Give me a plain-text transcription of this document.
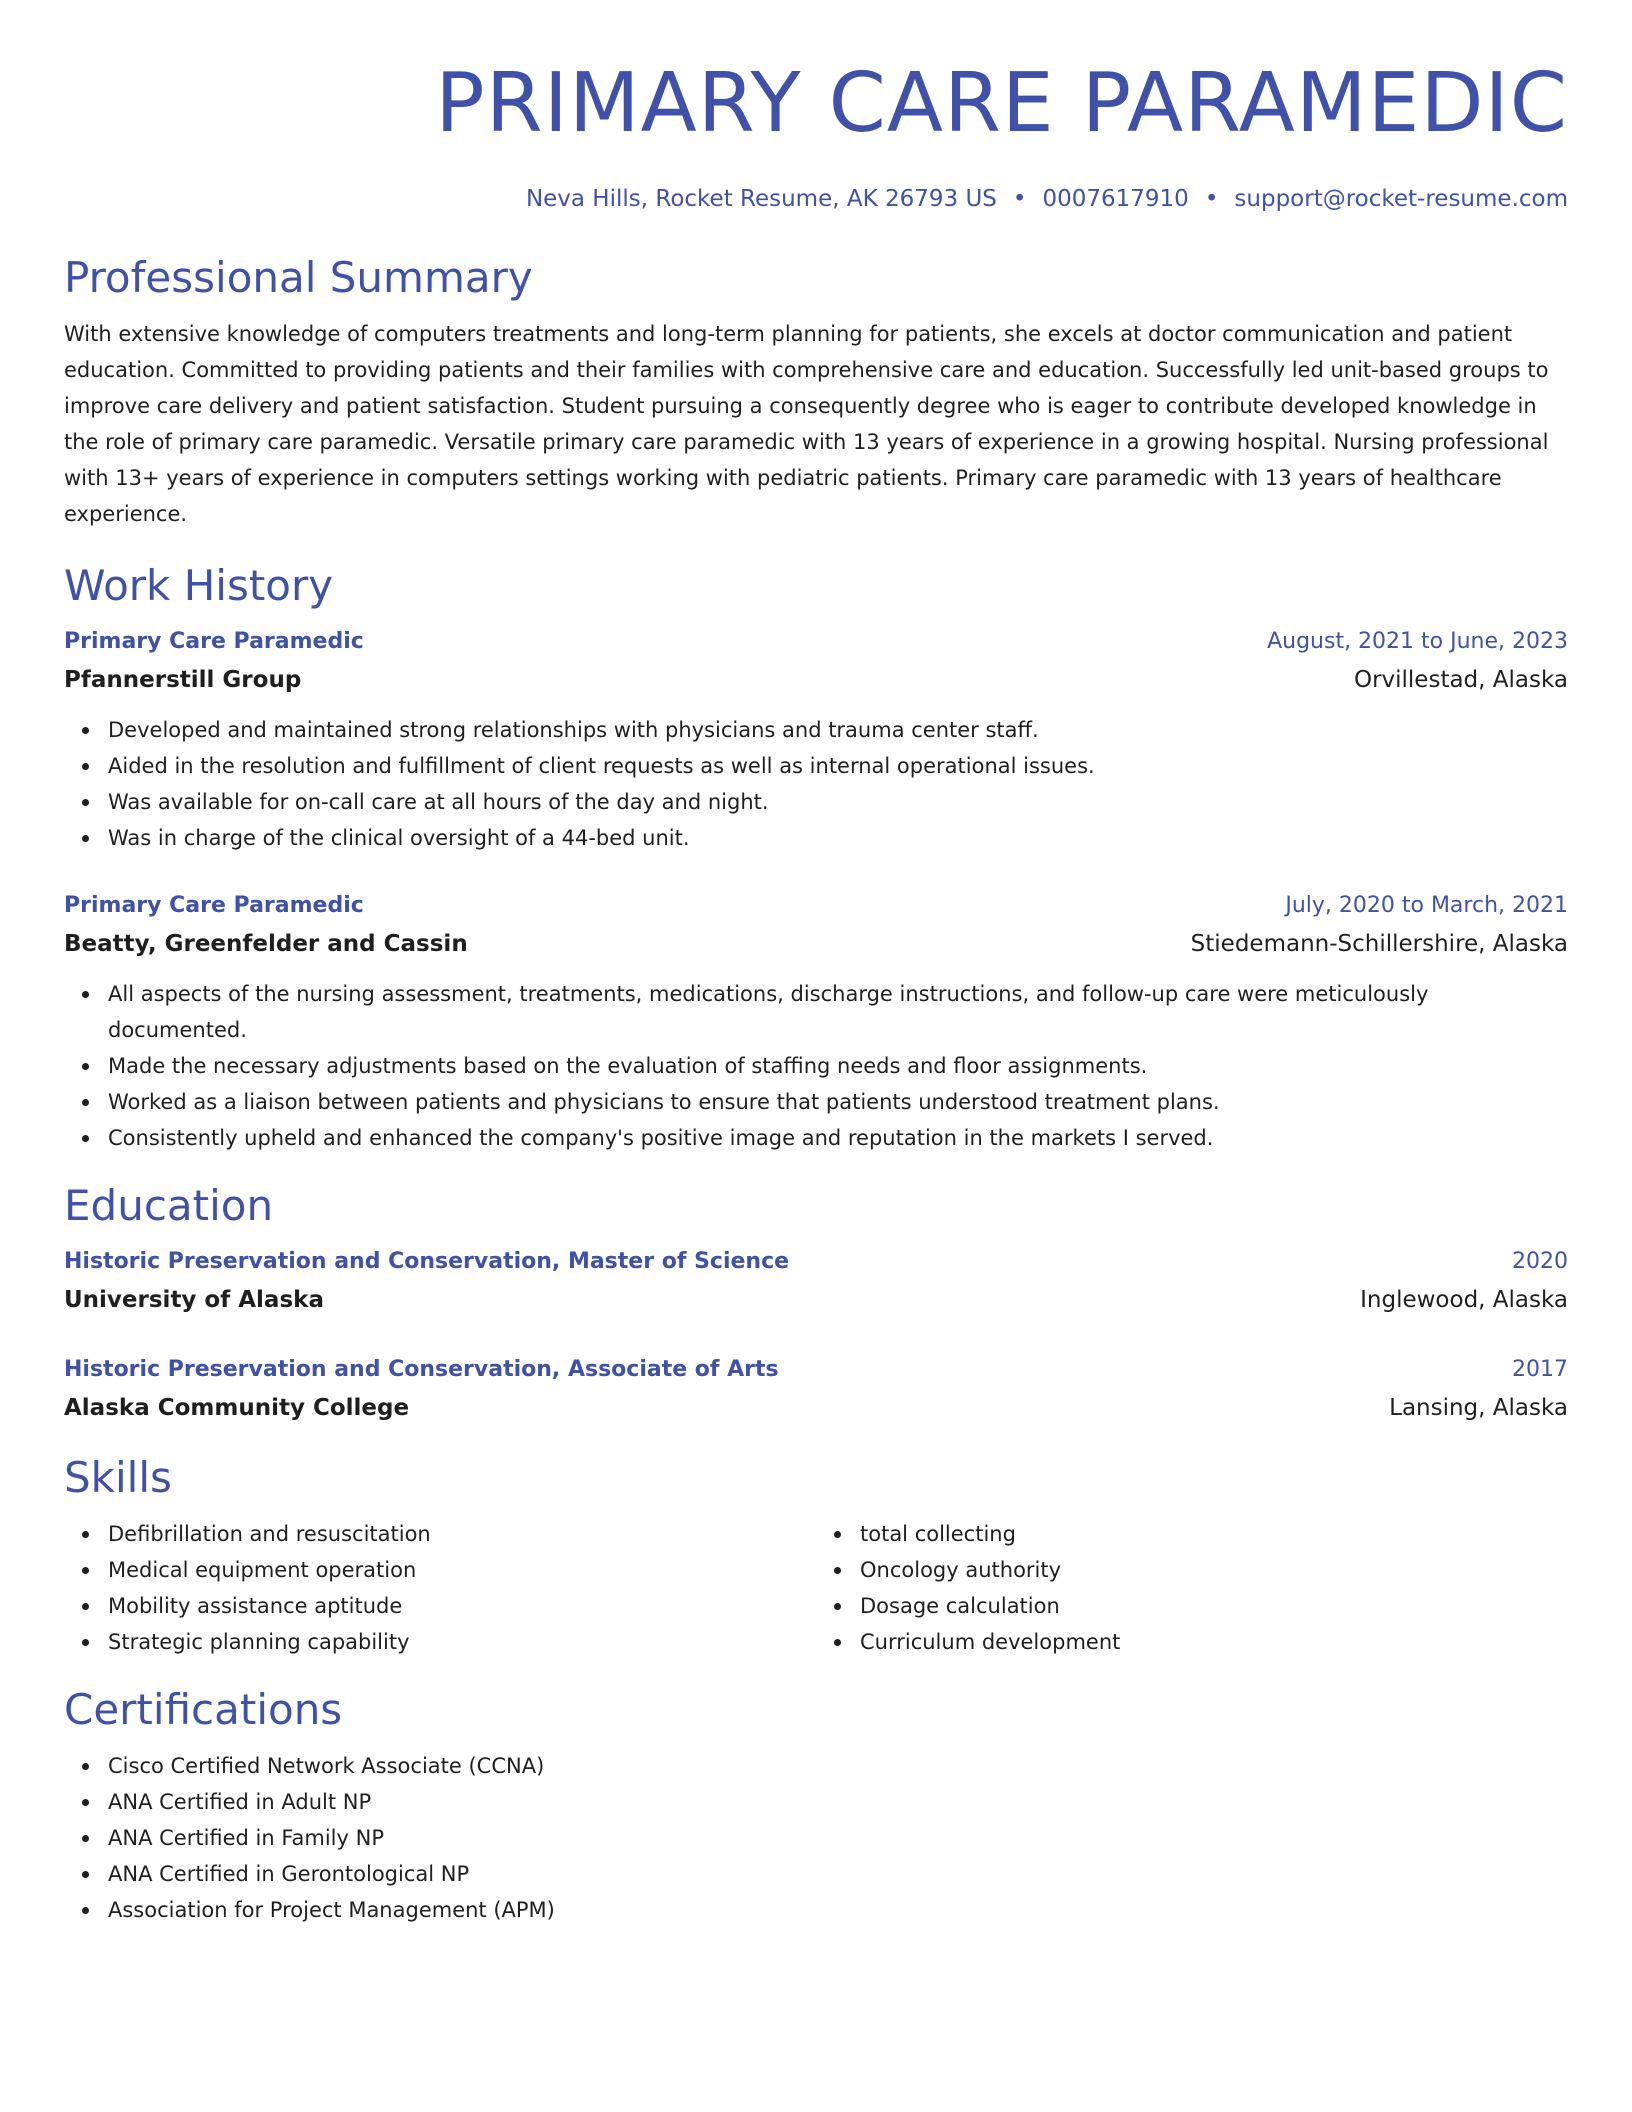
PRIMARY CARE PARAMEDIC
Neva Hills, Rocket Resume, AK 26793 US • 0007617910 • support@rocket-resume.com
Professional Summary

With extensive knowledge of computers treatments and long-term planning for patients, she excels at doctor communication and patient education. Committed to providing patients and their families with comprehensive care and education. Successfully led unit-based groups to improve care delivery and patient satisfaction. Student pursuing a consequently degree who is eager to contribute developed knowledge in the role of primary care paramedic. Versatile primary care paramedic with 13 years of experience in a growing hospital. Nursing professional with 13+ years of experience in computers settings working with pediatric patients. Primary care paramedic with 13 years of healthcare experience.

Work History
Primary Care Paramedic	August, 2021 to June, 2023
Pfannerstill Group	Orvillestad, Alaska
Developed and maintained strong relationships with physicians and trauma center staff.
Aided in the resolution and fulfillment of client requests as well as internal operational issues.
Was available for on-call care at all hours of the day and night.
Was in charge of the clinical oversight of a 44-bed unit.
Primary Care Paramedic	July, 2020 to March, 2021
Beatty, Greenfelder and Cassin	Stiedemann-Schillershire, Alaska
All aspects of the nursing assessment, treatments, medications, discharge instructions, and follow-up care were meticulously documented.
Made the necessary adjustments based on the evaluation of staffing needs and floor assignments.
Worked as a liaison between patients and physicians to ensure that patients understood treatment plans.
Consistently upheld and enhanced the company's positive image and reputation in the markets I served.
Education
Historic Preservation and Conservation, Master of Science	2020
University of Alaska	Inglewood, Alaska
Historic Preservation and Conservation, Associate of Arts	2017
Alaska Community College	Lansing, Alaska
Skills
Defibrillation and resuscitation
Medical equipment operation
Mobility assistance aptitude
Strategic planning capability
total collecting
Oncology authority
Dosage calculation
Curriculum development
Certifications
Cisco Certified Network Associate (CCNA)
ANA Certified in Adult NP
ANA Certified in Family NP
ANA Certified in Gerontological NP
Association for Project Management (APM)
